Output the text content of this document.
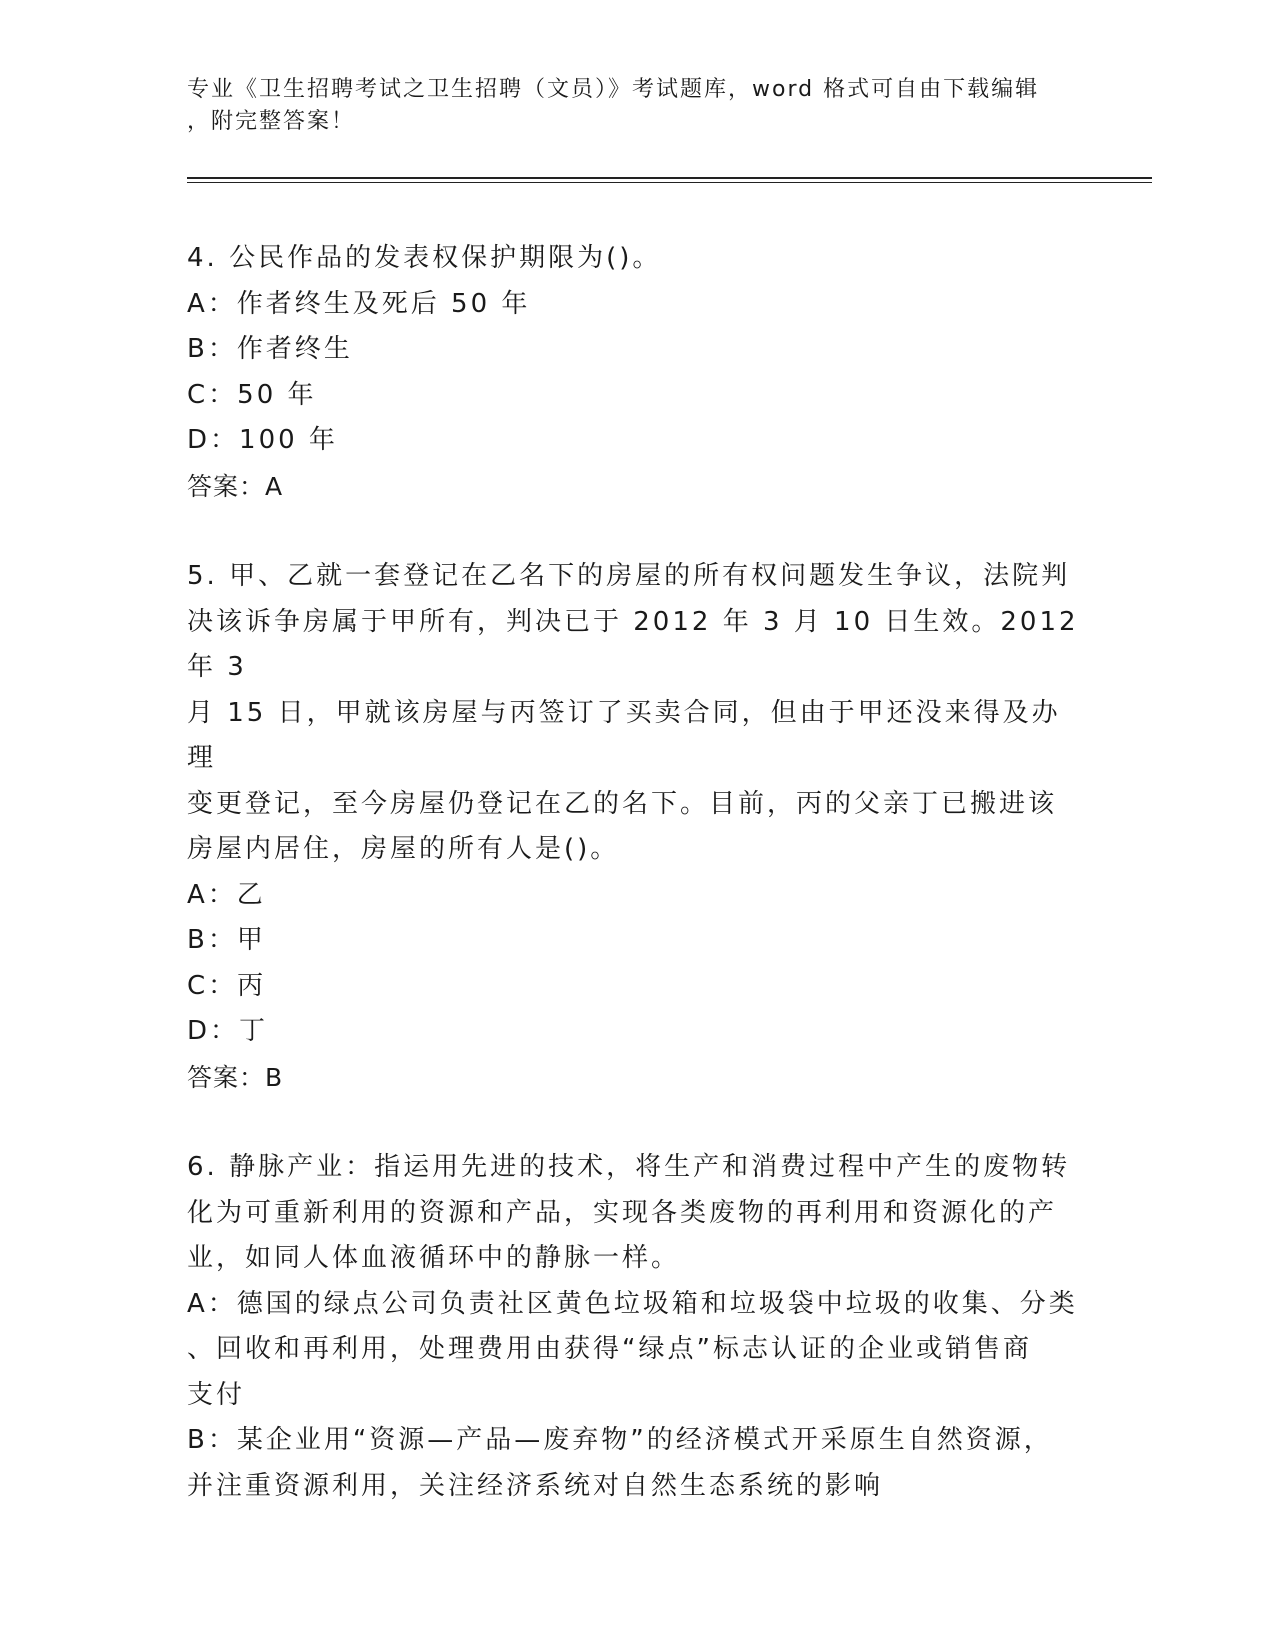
专业《卫生招聘考试之卫生招聘（文员）》考试题库，word 格式可自由下载编辑

，附完整答案！

4. 公民作品的发表权保护期限为()。

A：作者终生及死后 50 年

B：作者终生

C：50 年

D：100 年

答案：A

5. 甲、乙就一套登记在乙名下的房屋的所有权问题发生争议，法院判

决该诉争房属于甲所有，判决已于 2012 年 3 月 10 日生效。2012 年 3

月 15 日，甲就该房屋与丙签订了买卖合同，但由于甲还没来得及办理

变更登记，至今房屋仍登记在乙的名下。目前，丙的父亲丁已搬进该

房屋内居住，房屋的所有人是()。

A：乙

B：甲

C：丙

D：丁

答案：B

6. 静脉产业：指运用先进的技术，将生产和消费过程中产生的废物转

化为可重新利用的资源和产品，实现各类废物的再利用和资源化的产

业，如同人体血液循环中的静脉一样。

A：德国的绿点公司负责社区黄色垃圾箱和垃圾袋中垃圾的收集、分类

、回收和再利用，处理费用由获得“绿点”标志认证的企业或销售商

支付

B：某企业用“资源—产品—废弃物”的经济模式开采原生自然资源，

并注重资源利用，关注经济系统对自然生态系统的影响
